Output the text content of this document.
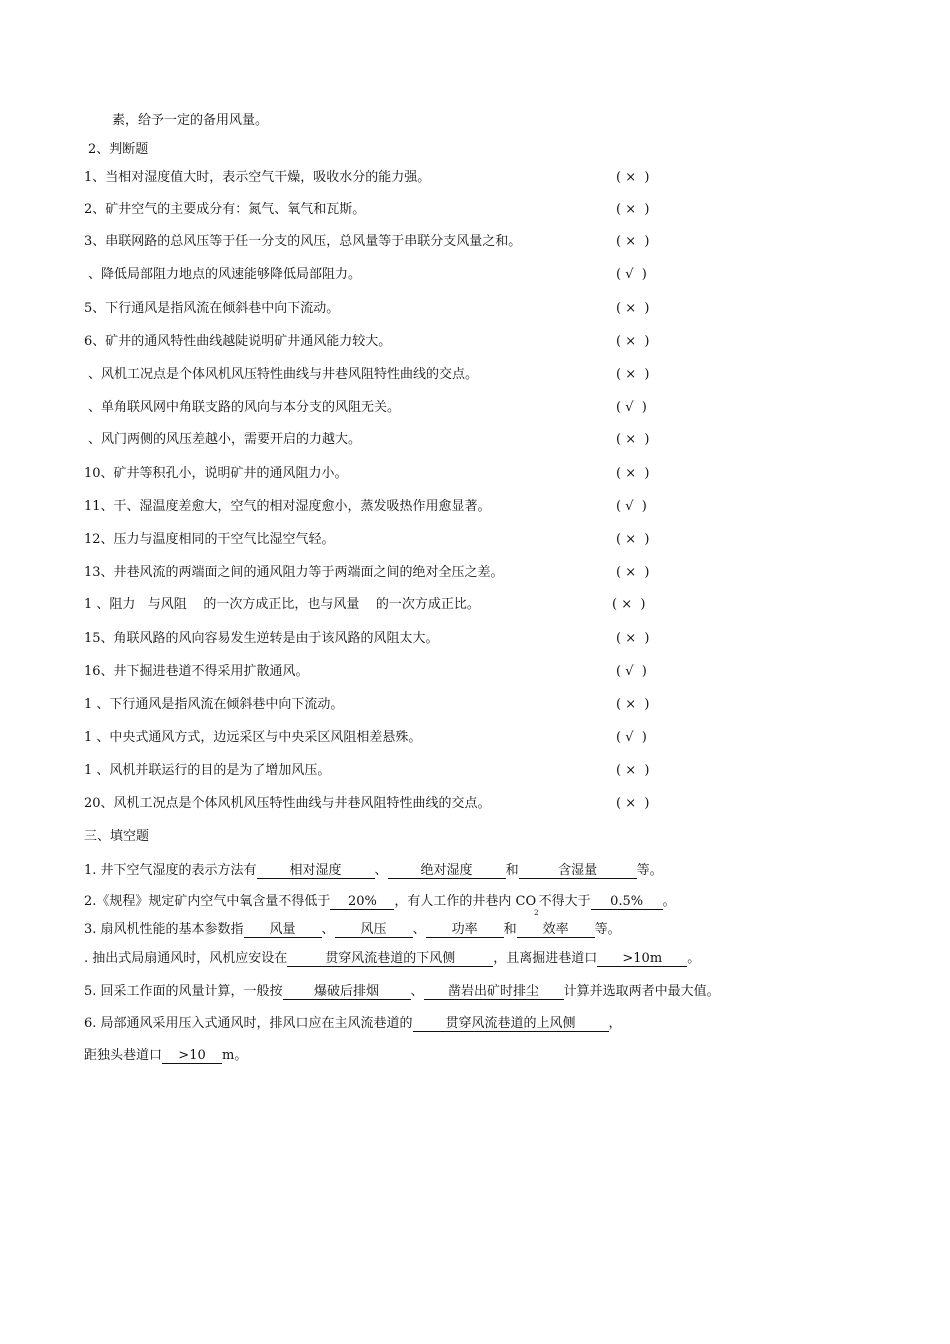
素，给予一定的备用风量。
2、判断题
1、当相对湿度值大时，表示空气干燥，吸收水分的能力强。	( ×  )
2、矿井空气的主要成分有：氮气、氧气和瓦斯。	( ×  )
3、串联网路的总风压等于任一分支的风压，总风量等于串联分支风量之和。	( ×  )
、降低局部阻力地点的风速能够降低局部阻力。	( √  )
5、下行通风是指风流在倾斜巷中向下流动。	( ×  )
6、矿井的通风特性曲线越陡说明矿井通风能力较大。	( ×  )
、风机工况点是个体风机风压特性曲线与井巷风阻特性曲线的交点。	( ×  )
、单角联风网中角联支路的风向与本分支的风阻无关。	( √  )
、风门两侧的风压差越小，需要开启的力越大。	( ×  )
10、矿井等积孔小，说明矿井的通风阻力小。	( ×  )
11、干、湿温度差愈大，空气的相对湿度愈小，蒸发吸热作用愈显著。	( √  )
12、压力与温度相同的干空气比湿空气轻。	( ×  )
13、井巷风流的两端面之间的通风阻力等于两端面之间的绝对全压之差。	( ×  )
1 、阻力   与风阻    的一次方成正比，也与风量    的一次方成正比。	( ×  )
15、角联风路的风向容易发生逆转是由于该风路的风阻太大。	( ×  )
16、井下掘进巷道不得采用扩散通风。	( √  )
1 、下行通风是指风流在倾斜巷中向下流动。	( ×  )
1 、中央式通风方式，边远采区与中央采区风阻相差悬殊。	( √  )
1 、风机并联运行的目的是为了增加风压。	( ×  )
20、风机工况点是个体风机风压特性曲线与井巷风阻特性曲线的交点。	( ×  )
三、填空题
1. 井下空气湿度的表示方法有	相对湿度	、	绝对湿度	和	含湿量	等。
2.《规程》规定矿内空气中氧含量不得低于 20% ，有人工作的井巷内 $CO_2$不得大于 0.5% 。
3. 扇风机性能的基本参数指 风量 、 风压 、 功率 和 效率 等。
. 抽出式局扇通风时，风机应安设在	贯穿风流巷道的下风侧	，且离掘进巷道口 >10m 。
5. 回采工作面的风量计算，一般按 爆破后排烟 、 凿岩出矿时排尘 计算并选取两者中最大值。
6. 局部通风采用压入式通风时，排风口应在主风流巷道的	贯穿风流巷道的上风侧	，
距独头巷道口 >10 m。
